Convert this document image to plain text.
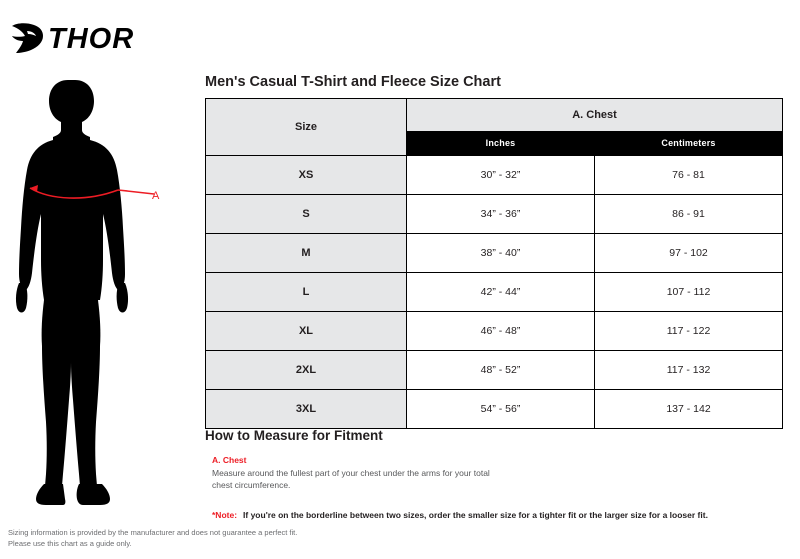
THOR
A
Sizing information is provided by the manufacturer and does not guarantee a perfect fit.
Please use this chart as a guide only.
Men's Casual T-Shirt and Fleece Size Chart
Size	A. Chest	
	Inches	Centimeters
XS	30” - 32”	76 - 81
S	34” - 36”	86 - 91
M	38” - 40”	97 - 102
L	42” - 44”	107 - 112
XL	46” - 48”	117 - 122
2XL	48” - 52”	117 - 132
3XL	54” - 56”	137 - 142
How to Measure for Fitment
A. Chest
Measure around the fullest part of your chest under the arms for your total chest circumference.
*Note: If you're on the borderline between two sizes, order the smaller size for a tighter fit or the larger size for a looser fit.
